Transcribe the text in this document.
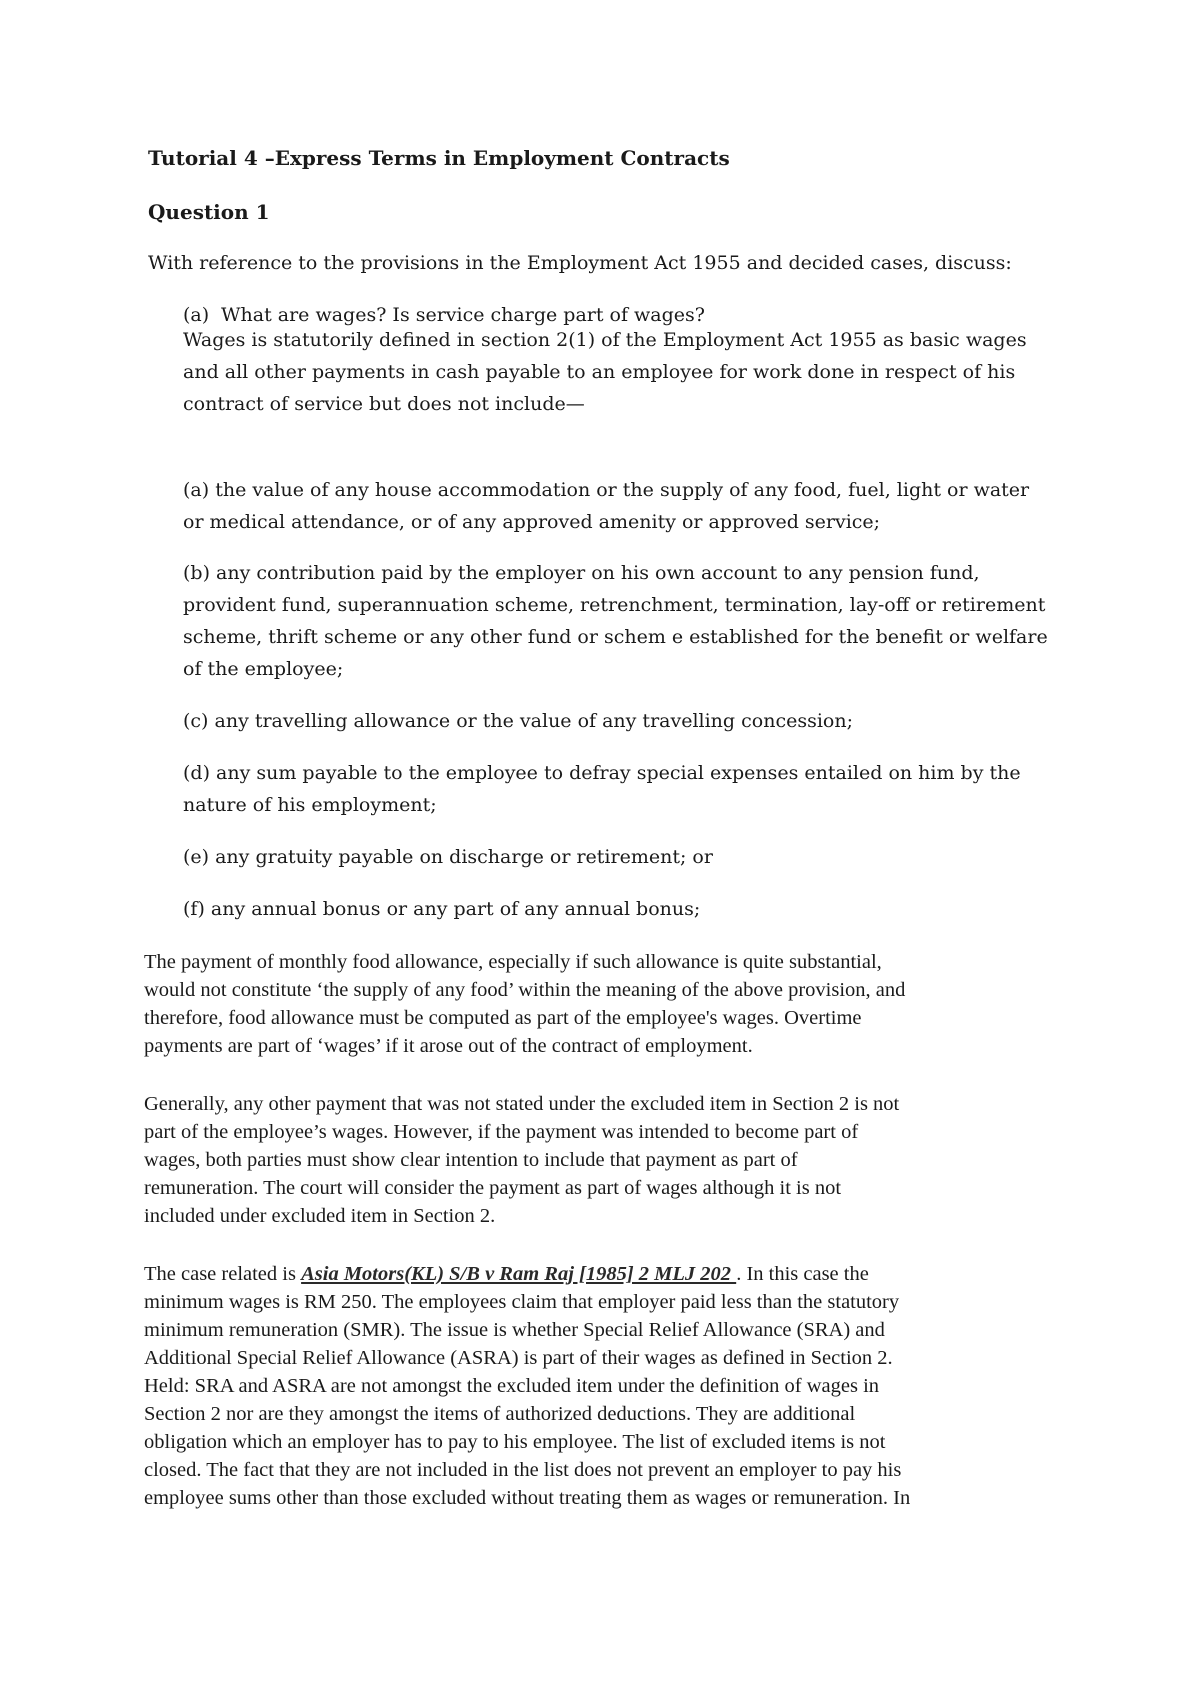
Tutorial 4 –Express Terms in Employment Contracts
Question 1
With reference to the provisions in the Employment Act 1955 and decided cases, discuss:
(a) What are wages? Is service charge part of wages?
Wages is statutorily defined in section 2(1) of the Employment Act 1955 as basic wages
and all other payments in cash payable to an employee for work done in respect of his
contract of service but does not include—
(a) the value of any house accommodation or the supply of any food, fuel, light or water
or medical attendance, or of any approved amenity or approved service;
(b) any contribution paid by the employer on his own account to any pension fund,
provident fund, superannuation scheme, retrenchment, termination, lay-off or retirement
scheme, thrift scheme or any other fund or schem e established for the benefit or welfare
of the employee;
(c) any travelling allowance or the value of any travelling concession;
(d) any sum payable to the employee to defray special expenses entailed on him by the
nature of his employment;
(e) any gratuity payable on discharge or retirement; or
(f) any annual bonus or any part of any annual bonus;
The payment of monthly food allowance, especially if such allowance is quite substantial,
would not constitute ‘the supply of any food’ within the meaning of the above provision, and
therefore, food allowance must be computed as part of the employee's wages. Overtime
payments are part of ‘wages’ if it arose out of the contract of employment.
Generally, any other payment that was not stated under the excluded item in Section 2 is not
part of the employee’s wages. However, if the payment was intended to become part of
wages, both parties must show clear intention to include that payment as part of
remuneration. The court will consider the payment as part of wages although it is not
included under excluded item in Section 2.
The case related is Asia Motors(KL) S/B v Ram Raj [1985] 2 MLJ 202 . In this case the
minimum wages is RM 250. The employees claim that employer paid less than the statutory
minimum remuneration (SMR). The issue is whether Special Relief Allowance (SRA) and
Additional Special Relief Allowance (ASRA) is part of their wages as defined in Section 2.
Held: SRA and ASRA are not amongst the excluded item under the definition of wages in
Section 2 nor are they amongst the items of authorized deductions. They are additional
obligation which an employer has to pay to his employee. The list of excluded items is not
closed. The fact that they are not included in the list does not prevent an employer to pay his
employee sums other than those excluded without treating them as wages or remuneration. In
